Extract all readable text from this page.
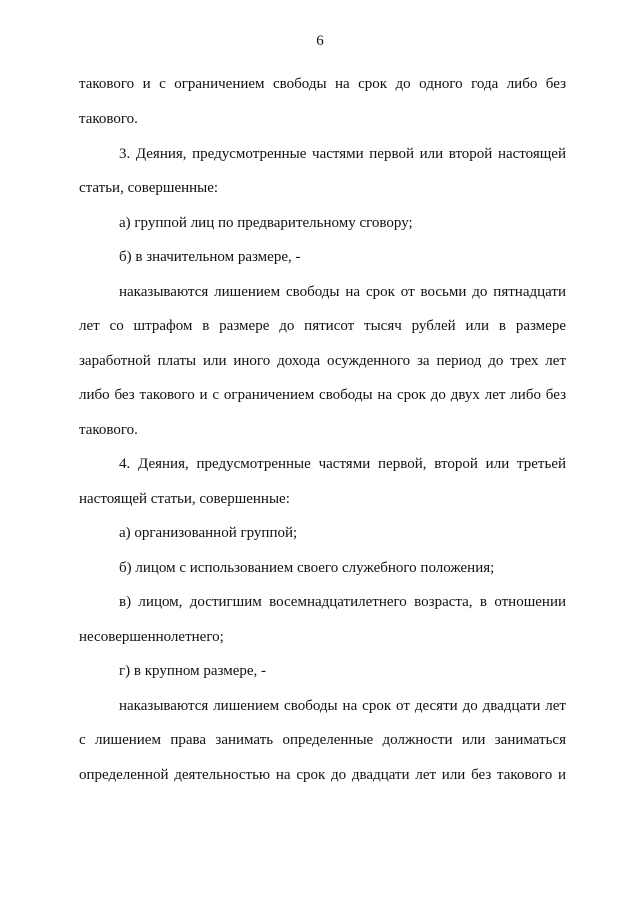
6
такового и с ограничением свободы на срок до одного года либо без
такового.
3. Деяния, предусмотренные частями первой или второй настоящей
статьи, совершенные:
а) группой лиц по предварительному сговору;
б) в значительном размере, -
наказываются лишением свободы на срок от восьми до пятнадцати
лет со штрафом в размере до пятисот тысяч рублей или в размере
заработной платы или иного дохода осужденного за период до трех лет
либо без такового и с ограничением свободы на срок до двух лет либо без
такового.
4. Деяния, предусмотренные частями первой, второй или третьей
настоящей статьи, совершенные:
а) организованной группой;
б) лицом с использованием своего служебного положения;
в) лицом, достигшим восемнадцатилетнего возраста, в отношении
несовершеннолетнего;
г) в крупном размере, -
наказываются лишением свободы на срок от десяти до двадцати лет
с лишением права занимать определенные должности или заниматься
определенной деятельностью на срок до двадцати лет или без такового и
